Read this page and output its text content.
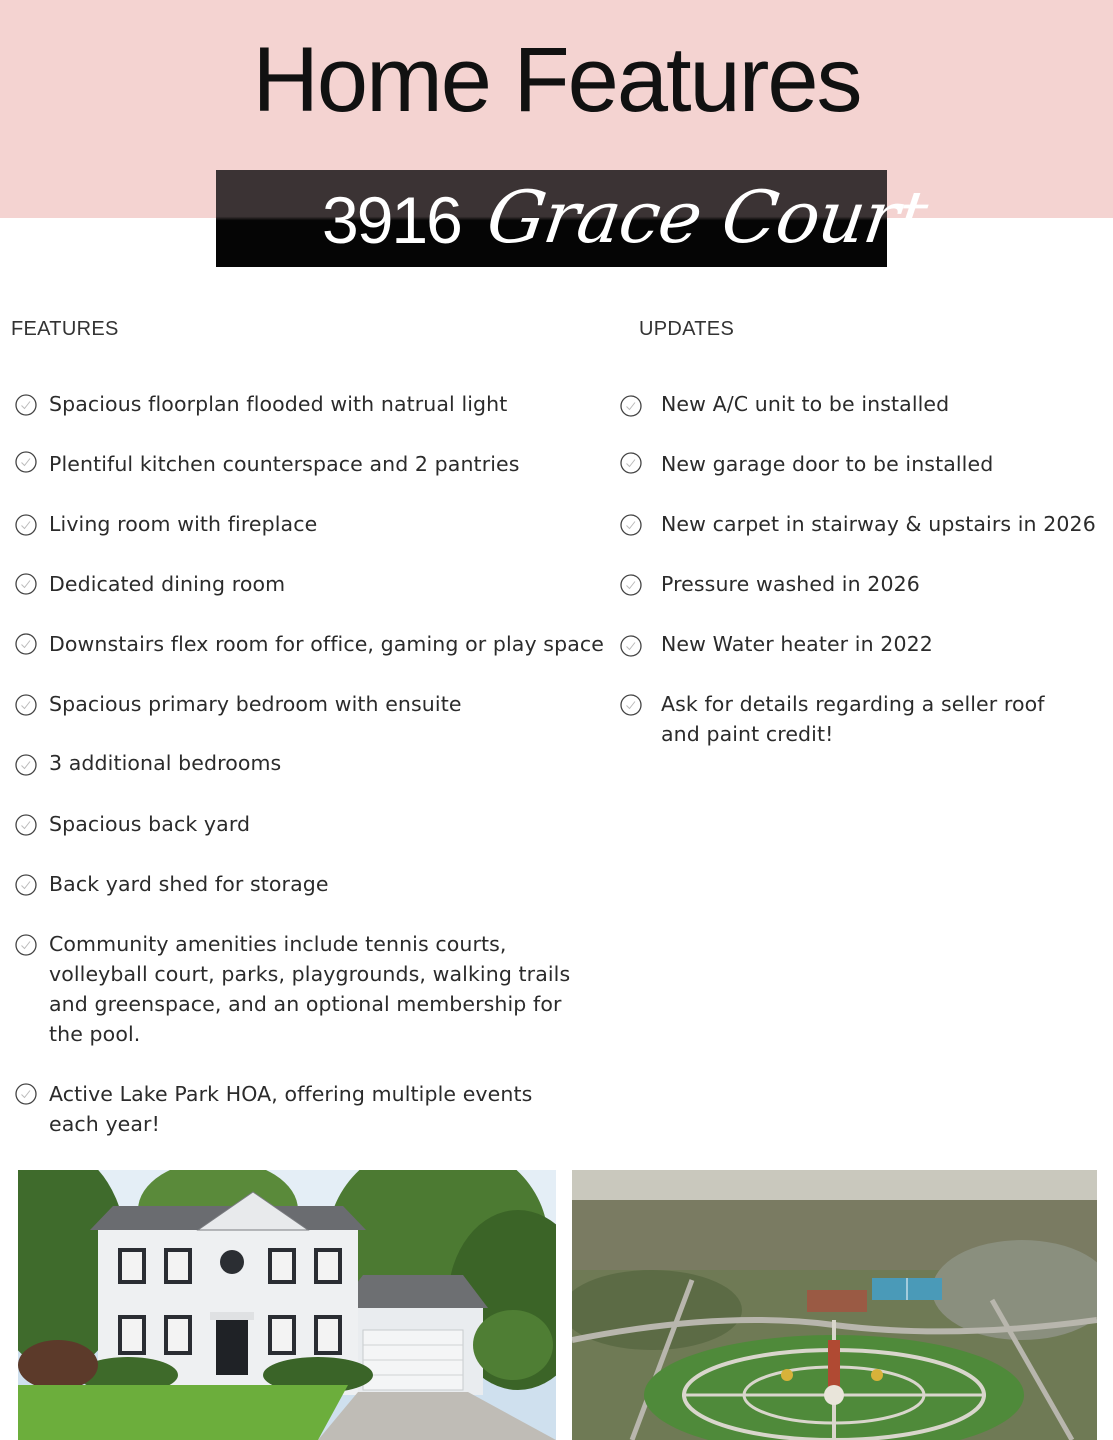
Home Features
3916 Grace Court
FEATURES	UPDATES
Spacious floorplan flooded with natrual light
Plentiful kitchen counterspace and 2 pantries
Living room with fireplace
Dedicated dining room
Downstairs flex room for office, gaming or play space
Spacious primary bedroom with ensuite
3 additional bedrooms
Spacious back yard
Back yard shed for storage
Community amenities include tennis courts, volleyball court, parks, playgrounds, walking trails and greenspace, and an optional membership for the pool.
Active Lake Park HOA, offering multiple events each year!
New A/C unit to be installed
New garage door to be installed
New carpet in stairway & upstairs in 2026
Pressure washed in 2026
New Water heater in 2022
Ask for details regarding a seller roof and paint credit!
